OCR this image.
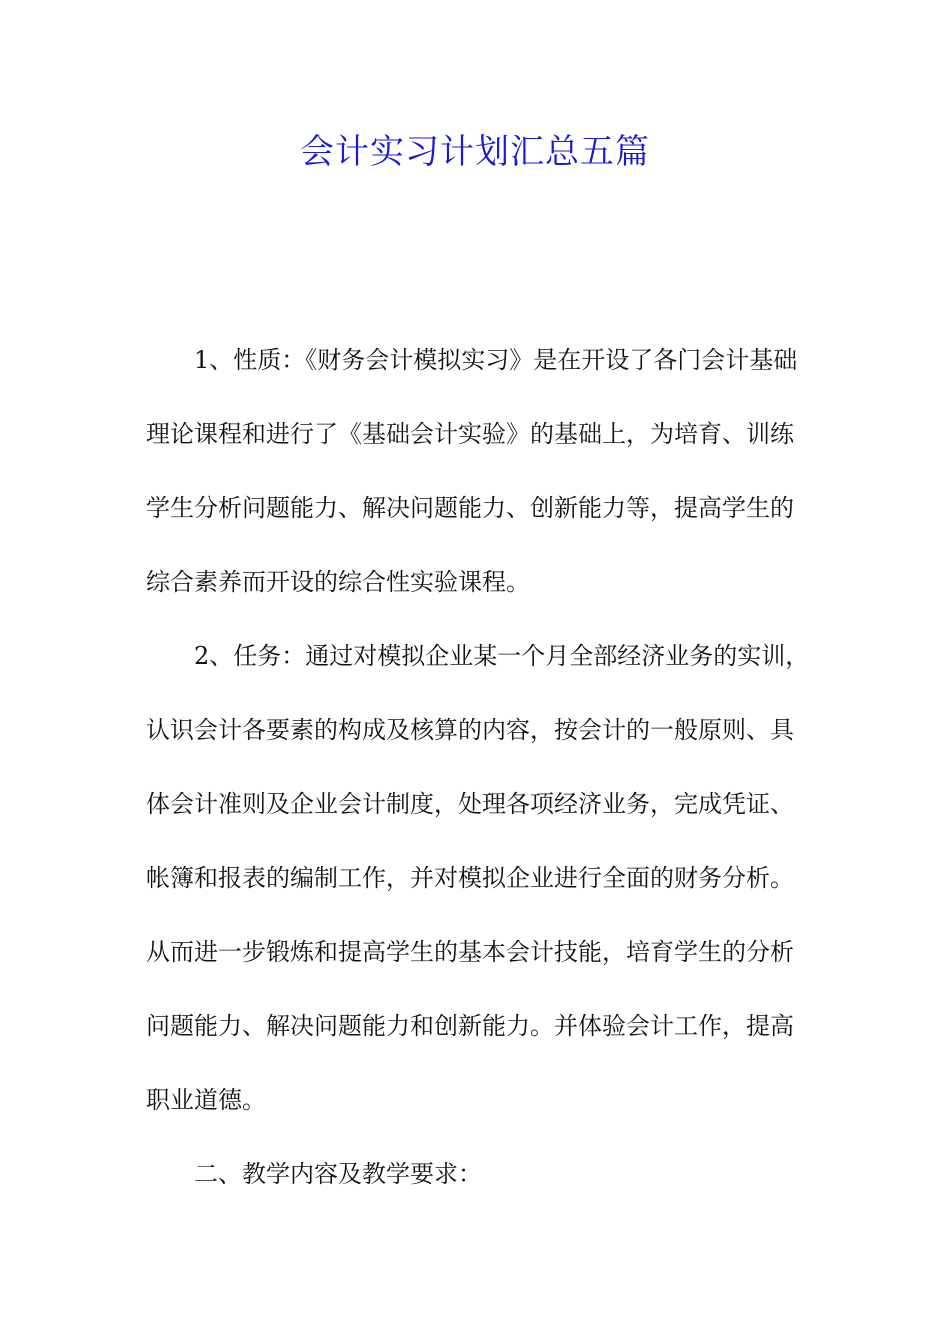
会计实习计划汇总五篇

1、性质：《财务会计模拟实习》是在开设了各门会计基础
理论课程和进行了《基础会计实验》的基础上，为培育、训练
学生分析问题能力、解决问题能力、创新能力等，提高学生的
综合素养而开设的综合性实验课程。

2、任务：通过对模拟企业某一个月全部经济业务的实训，
认识会计各要素的构成及核算的内容，按会计的一般原则、具
体会计准则及企业会计制度，处理各项经济业务，完成凭证、
帐簿和报表的编制工作，并对模拟企业进行全面的财务分析。
从而进一步锻炼和提高学生的基本会计技能，培育学生的分析
问题能力、解决问题能力和创新能力。并体验会计工作，提高
职业道德。

二、教学内容及教学要求：
